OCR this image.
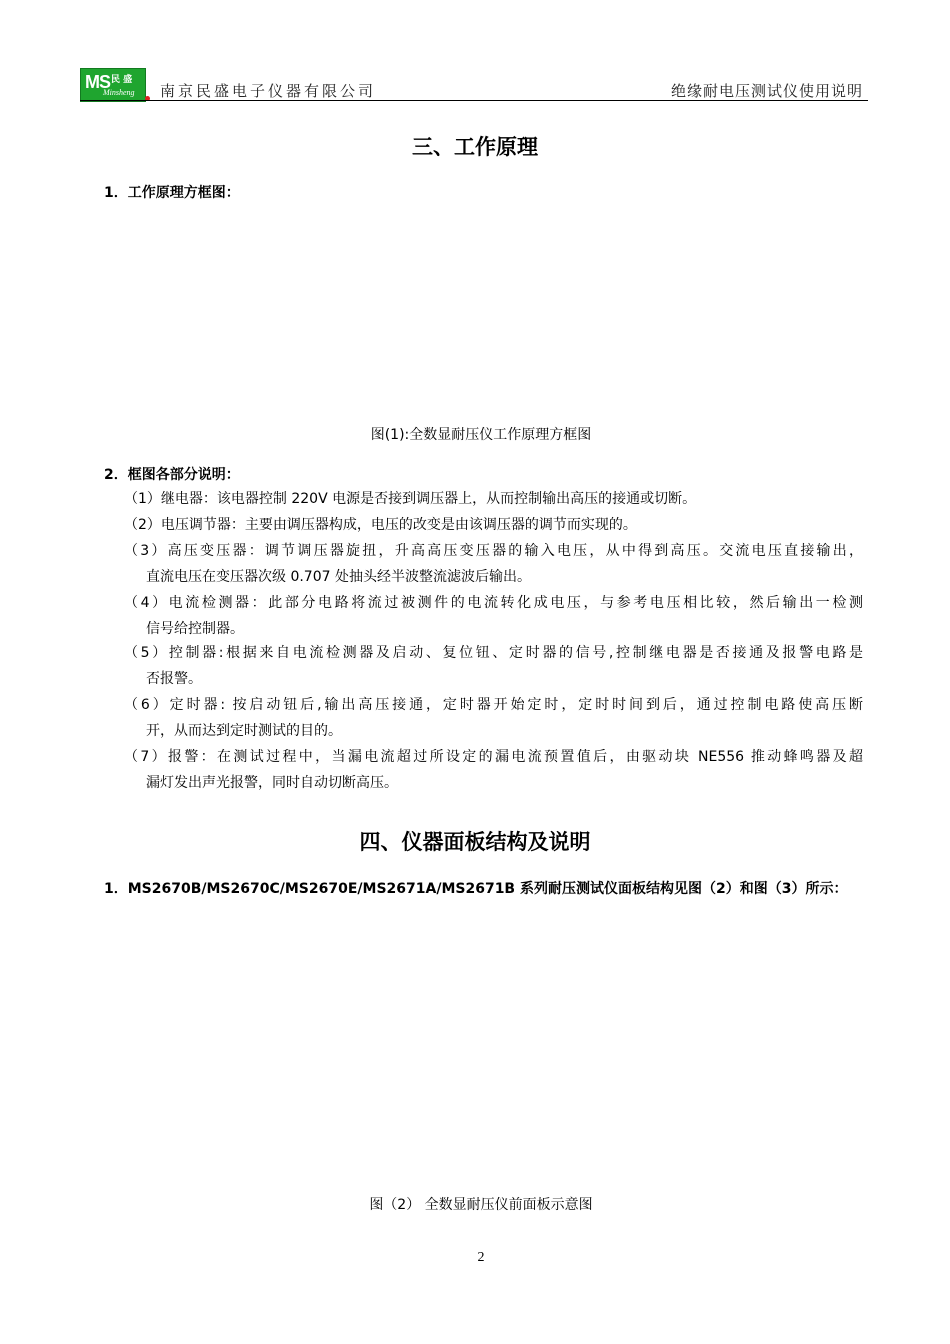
MS 民 盛
Minsheng 南京民盛电子仪器有限公司	绝缘耐电压测试仪使用说明
三、工作原理
1．工作原理方框图：
图(1):全数显耐压仪工作原理方框图
2．框图各部分说明：
（1）继电器：该电器控制 220V 电源是否接到调压器上，从而控制输出高压的接通或切断。
（2）电压调节器：主要由调压器构成，电压的改变是由该调压器的调节而实现的。
（3）高压变压器：调节调压器旋扭，升高高压变压器的输入电压，从中得到高压。交流电压直接输出，
直流电压在变压器次级 0.707 处抽头经半波整流滤波后输出。
（4）电流检测器：此部分电路将流过被测件的电流转化成电压，与参考电压相比较，然后输出一检测
信号给控制器。
（5）控制器:根据来自电流检测器及启动、复位钮、定时器的信号,控制继电器是否接通及报警电路是
否报警。
（6）定时器: 按启动钮后,输出高压接通，定时器开始定时，定时时间到后，通过控制电路使高压断
开，从而达到定时测试的目的。
（7）报警：在测试过程中，当漏电流超过所设定的漏电流预置值后，由驱动块 NE556 推动蜂鸣器及超
漏灯发出声光报警，同时自动切断高压。
四、仪器面板结构及说明
1．MS2670B/MS2670C/MS2670E/MS2671A/MS2671B 系列耐压测试仪面板结构见图（2）和图（3）所示：
图（2） 全数显耐压仪前面板示意图
2
